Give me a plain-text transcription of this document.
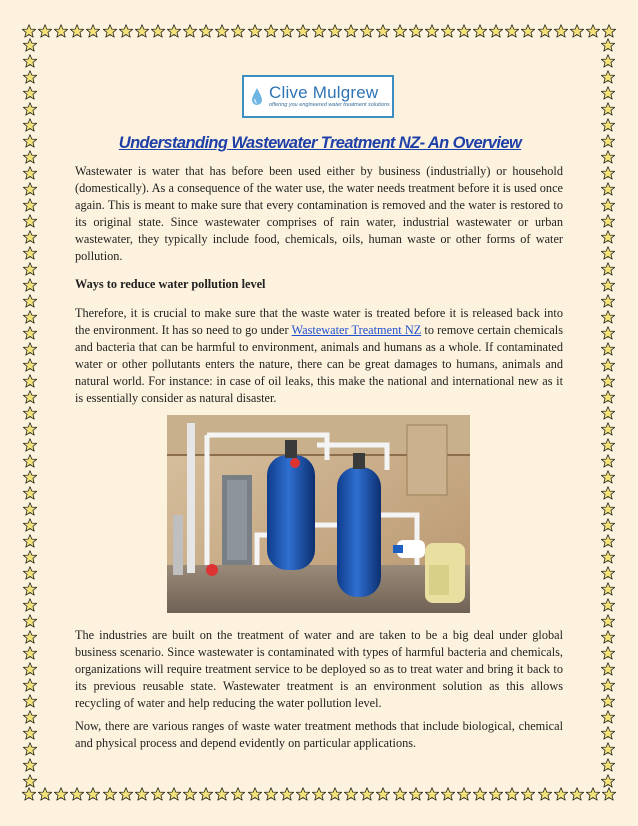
Clive Mulgrew
offering you engineered water treatment solutions
Understanding Wastewater Treatment NZ- An Overview

Wastewater is water that has before been used either by business (industrially) or household (domestically). As a consequence of the water use, the water needs treatment before it is used once again. This is meant to make sure that every contamination is removed and the water is restored to its original state. Since wastewater comprises of rain water, industrial wastewater or urban wastewater, they typically include food, chemicals, oils, human waste or other forms of water pollution.

Ways to reduce water pollution level

Therefore, it is crucial to make sure that the waste water is treated before it is released back into the environment. It has so need to go under Wastewater Treatment NZ to remove certain chemicals and bacteria that can be harmful to environment, animals and humans as a whole. If contaminated water or other pollutants enters the nature, there can be great damages to humans, animals and natural world. For instance: in case of oil leaks, this make the national and international new as it is essentially consider as natural disaster.

The industries are built on the treatment of water and are taken to be a big deal under global business scenario. Since wastewater is contaminated with types of harmful bacteria and chemicals, organizations will require treatment service to be deployed so as to treat water and bring it back to its previous reusable state. Wastewater treatment is an environment solution as this allows recycling of water and help reducing the water pollution level.

Now, there are various ranges of waste water treatment methods that include biological, chemical and physical process and depend evidently on particular applications.
